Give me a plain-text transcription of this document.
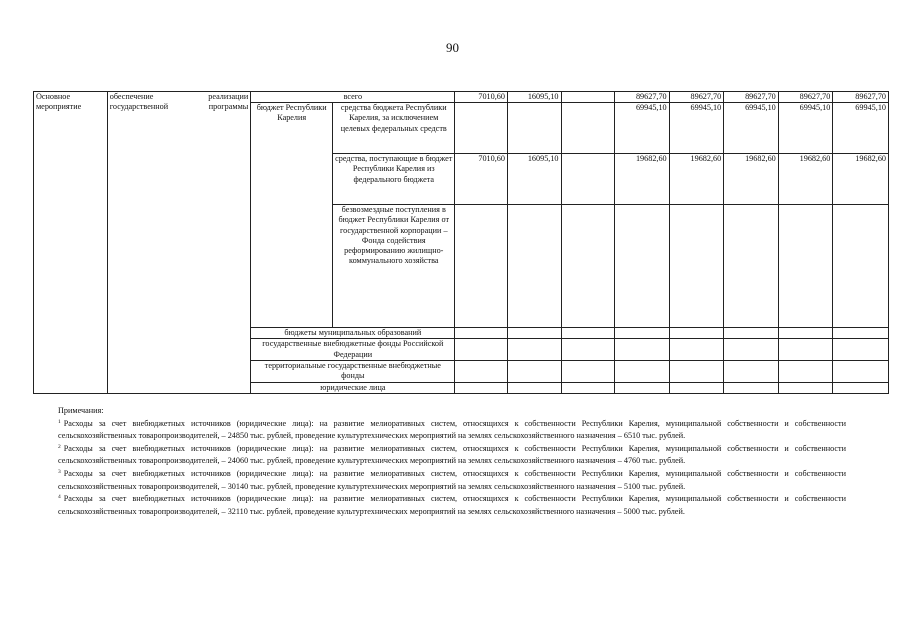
90
Основное мероприятие	обеспечение реализации государственной программы	всего		7010,60	16095,10		89627,70	89627,70	89627,70	89627,70	89627,70
		бюджет Республики Карелия	средства бюджета Республики Карелия, за исключением целевых федеральных средств				69945,10	69945,10	69945,10	69945,10	69945,10
			средства, поступающие в бюджет Республики Карелия из федерального бюджета	7010,60	16095,10		19682,60	19682,60	19682,60	19682,60	19682,60
			безвозмездные поступления в бюджет Республики Карелия от государственной корпорации – Фонда содействия реформированию жилищно-коммунального хозяйства								
		бюджеты муниципальных образований									
		государственные внебюджетные фонды Российской Федерации									
		территориальные государственные внебюджетные фонды									
		юридические лица									

Примечания:

$^1$ Расходы за счет внебюджетных источников (юридические лица): на развитие мелиоративных систем, относящихся к собственности Республики Карелия, муниципальной собственности и собственности сельскохозяйственных товаропроизводителей, – 24850 тыс. рублей, проведение культуртехнических мероприятий на землях сельскохозяйственного назначения – 6510 тыс. рублей.

$^2$ Расходы за счет внебюджетных источников (юридические лица): на развитие мелиоративных систем, относящихся к собственности Республики Карелия, муниципальной собственности и собственности сельскохозяйственных товаропроизводителей, – 24060 тыс. рублей, проведение культуртехнических мероприятий на землях сельскохозяйственного назначения – 4760 тыс. рублей.

$^3$ Расходы за счет внебюджетных источников (юридические лица): на развитие мелиоративных систем, относящихся к собственности Республики Карелия, муниципальной собственности и собственности сельскохозяйственных товаропроизводителей, – 30140 тыс. рублей, проведение культуртехнических мероприятий на землях сельскохозяйственного назначения – 5100 тыс. рублей.

$^4$ Расходы за счет внебюджетных источников (юридические лица): на развитие мелиоративных систем, относящихся к собственности Республики Карелия, муниципальной собственности и собственности сельскохозяйственных товаропроизводителей, – 32110 тыс. рублей, проведение культуртехнических мероприятий на землях сельскохозяйственного назначения – 5000 тыс. рублей.
